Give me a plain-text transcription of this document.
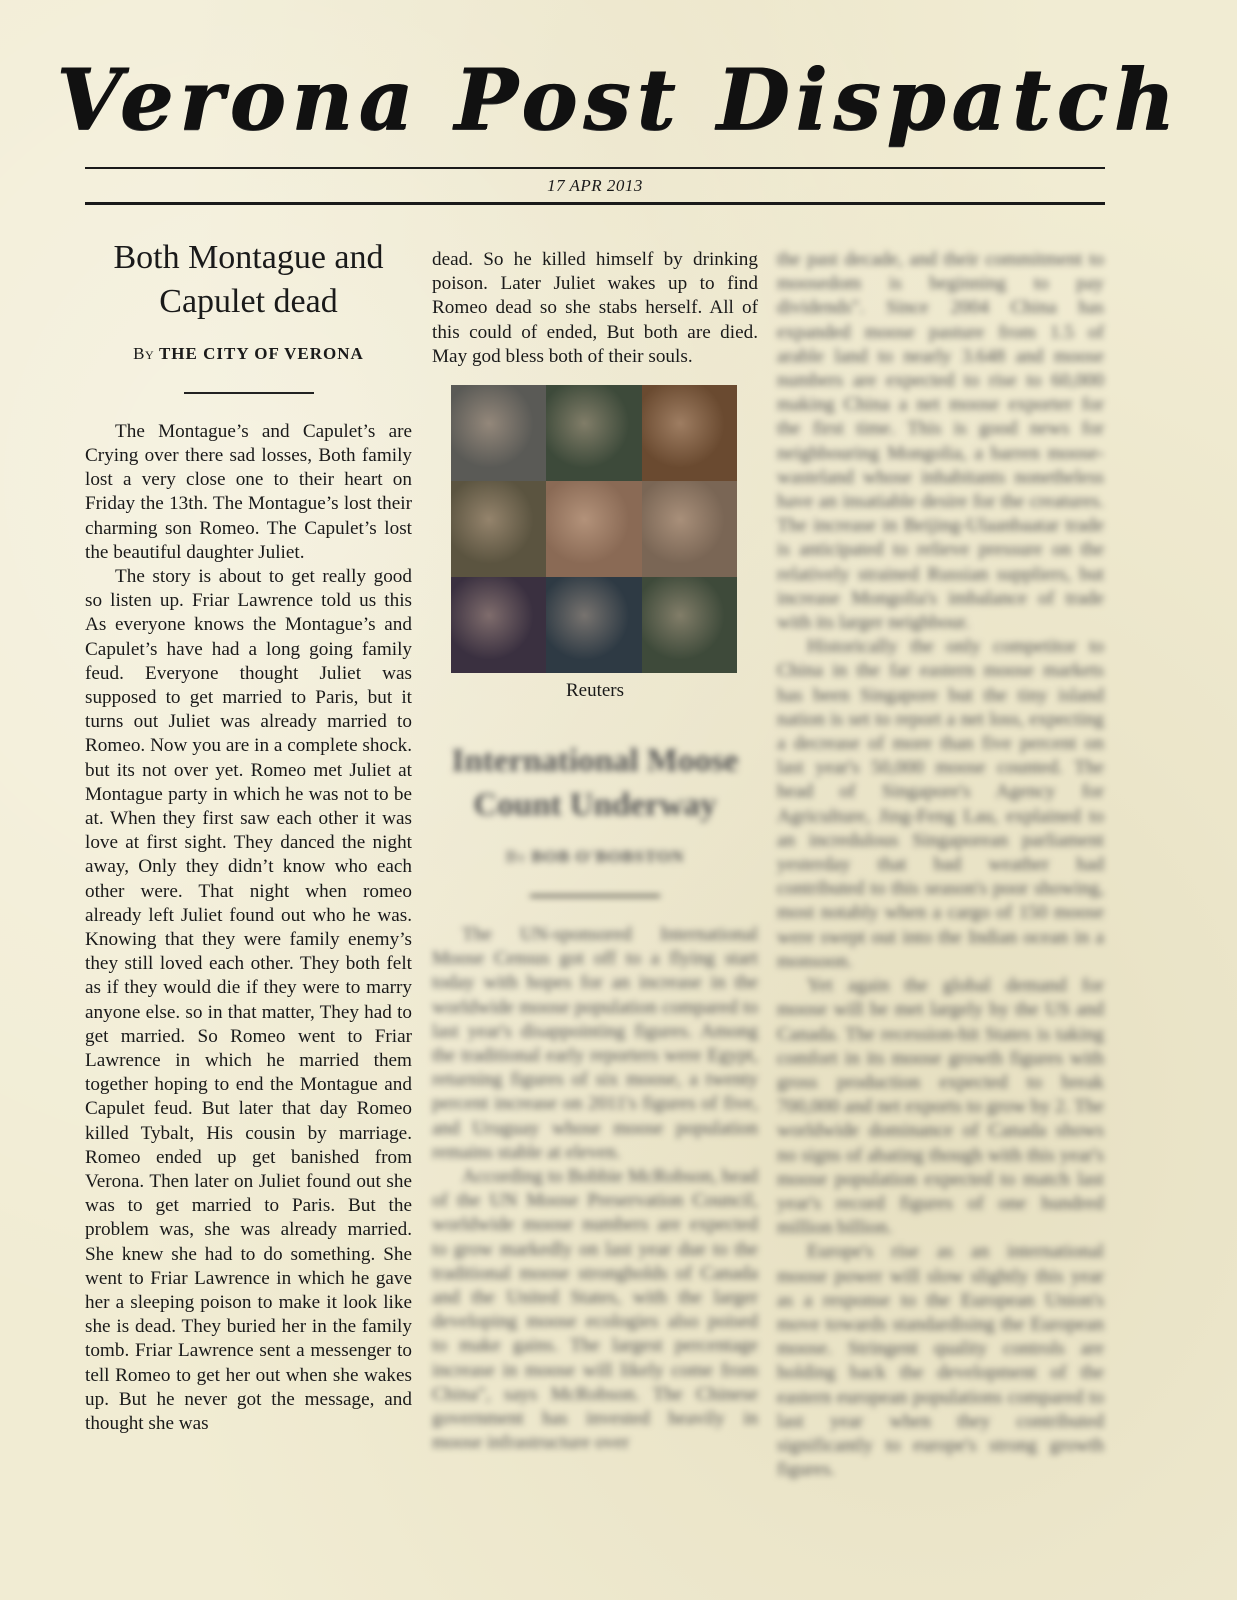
Verona Post Dispatch
17 APR 2013
Both Montague and Capulet dead
By THE CITY OF VERONA

The Montague’s and Capulet’s are Crying over there sad losses, Both family lost a very close one to their heart on Friday the 13th. The Montague’s lost their charming son Romeo. The Capulet’s lost the beautiful daughter Juliet.

The story is about to get really good so listen up. Friar Lawrence told us this As everyone knows the Montague’s and Capulet’s have had a long going family feud. Everyone thought Juliet was supposed to get married to Paris, but it turns out Juliet was already married to Romeo. Now you are in a complete shock. but its not over yet. Romeo met Juliet at Montague party in which he was not to be at. When they first saw each other it was love at first sight. They danced the night away, Only they didn’t know who each other were. That night when romeo already left Juliet found out who he was. Knowing that they were family enemy’s they still loved each other. They both felt as if they would die if they were to marry anyone else. so in that matter, They had to get married. So Romeo went to Friar Lawrence in which he married them together hoping to end the Montague and Capulet feud. But later that day Romeo killed Tybalt, His cousin by marriage. Romeo ended up get banished from Verona. Then later on Juliet found out she was to get married to Paris. But the problem was, she was already married. She knew she had to do something. She went to Friar Lawrence in which he gave her a sleeping poison to make it look like she is dead. They buried her in the family tomb. Friar Lawrence sent a messenger to tell Romeo to get her out when she wakes up. But he never got the message, and thought she was

dead. So he killed himself by drinking poison. Later Juliet wakes up to find Romeo dead so she stabs herself. All of this could of ended, But both are died. May god bless both of their souls.

Reuters
International Moose Count Underway
By BOB O'BOBSTON

The UN-sponsored International Moose Census got off to a flying start today with hopes for an increase in the worldwide moose population compared to last year's disappointing figures. Among the traditional early reporters were Egypt, returning figures of six moose, a twenty percent increase on 2011's figures of five, and Uruguay whose moose population remains stable at eleven.

According to Bobbie McRobson, head of the UN Moose Preservation Council, worldwide moose numbers are expected to grow markedly on last year due to the traditional moose strongholds of Canada and the United States, with the larger developing moose ecologies also poised to make gains. The largest percentage increase in moose will likely come from China", says McRobson. The Chinese government has invested heavily in moose infrastructure over

the past decade, and their commitment to moosedom is beginning to pay dividends". Since 2004 China has expanded moose pasture from 1.5 of arable land to nearly 3.648 and moose numbers are expected to rise to 60,000 making China a net moose exporter for the first time. This is good news for neighbouring Mongolia, a barren moose-wasteland whose inhabitants nonetheless have an insatiable desire for the creatures. The increase in Beijing-Ulaanbaatar trade is anticipated to relieve pressure on the relatively strained Russian suppliers, but increase Mongolia's imbalance of trade with its larger neighbour.

Historically the only competitor to China in the far eastern moose markets has been Singapore but the tiny island nation is set to report a net loss, expecting a decrease of more than five percent on last year's 50,000 moose counted. The head of Singapore's Agency for Agriculture, Jing-Feng Lau, explained to an incredulous Singaporean parliament yesterday that bad weather had contributed to this season's poor showing, most notably when a cargo of 150 moose were swept out into the Indian ocean in a monsoon.

Yet again the global demand for moose will be met largely by the US and Canada. The recession-hit States is taking comfort in its moose growth figures with gross production expected to break 700,000 and net exports to grow by 2. The worldwide dominance of Canada shows no signs of abating though with this year's moose population expected to match last year's record figures of one hundred million billion.

Europe's rise as an international moose power will slow slightly this year as a response to the European Union's move towards standardising the European moose. Stringent quality controls are holding back the development of the eastern european populations compared to last year when they contributed significantly to europe's strong growth figures.
